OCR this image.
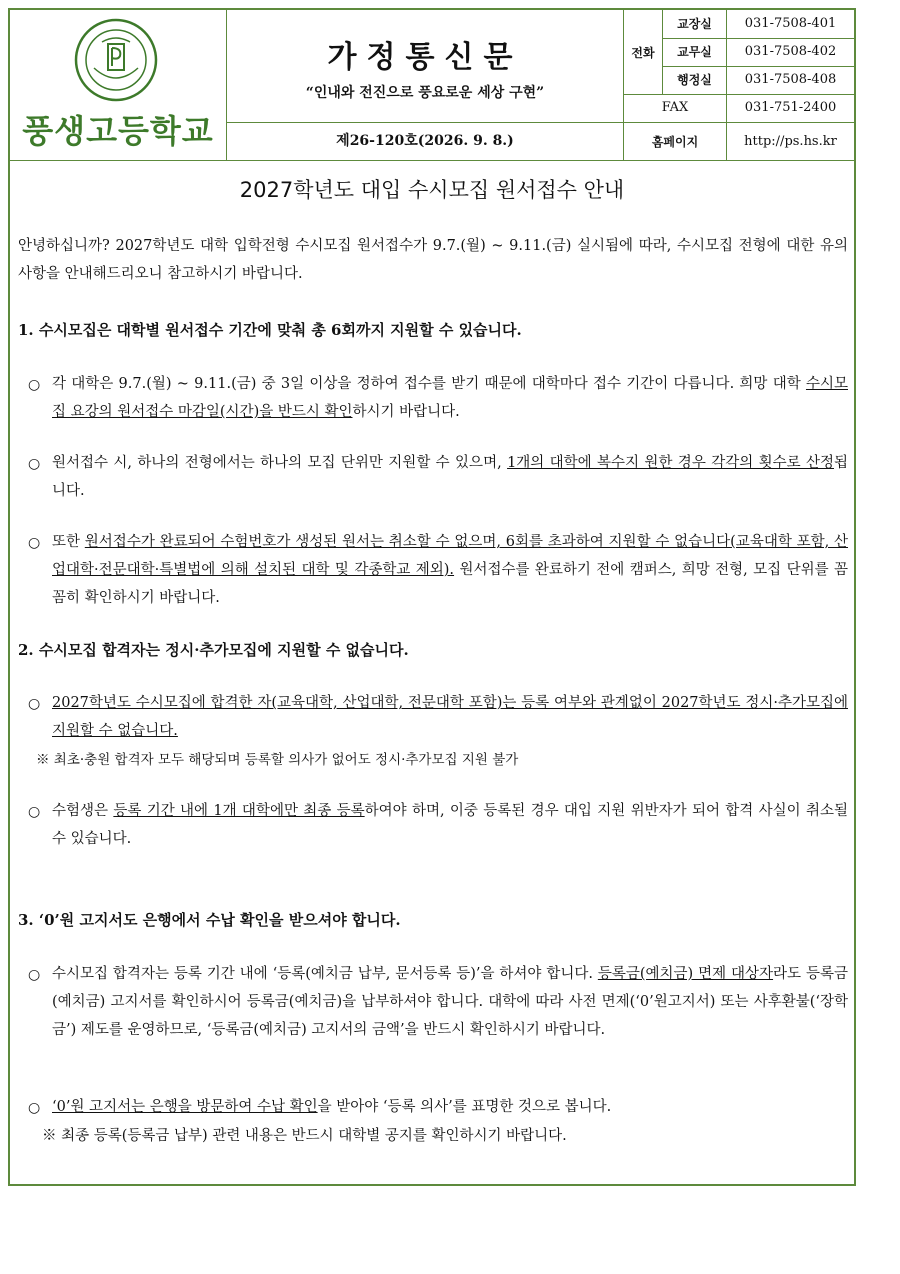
풍생고등학교
가정통신문
“인내와 전진으로 풍요로운 세상 구현”
제26-120호(2026. 9. 8.)
전화
교장실	031-7508-401
교무실	031-7508-402
행정실	031-7508-408
FAX	031-751-2400
홈페이지	http://ps.hs.kr
2027학년도 대입 수시모집 원서접수 안내
안녕하십니까? 2027학년도 대학 입학전형 수시모집 원서접수가 9.7.(월) ~ 9.11.(금) 실시됨에 따라, 수시모집 전형에 대한 유의 사항을 안내해드리오니 참고하시기 바랍니다.
1. 수시모집은 대학별 원서접수 기간에 맞춰 총 6회까지 지원할 수 있습니다.
○ 각 대학은 9.7.(월) ~ 9.11.(금) 중 3일 이상을 정하여 접수를 받기 때문에 대학마다 접수 기간이 다릅니다. 희망 대학 수시모집 요강의 원서접수 마감일(시간)을 반드시 확인하시기 바랍니다.
○ 원서접수 시, 하나의 전형에서는 하나의 모집 단위만 지원할 수 있으며, 1개의 대학에 복수지 원한 경우 각각의 횟수로 산정됩니다.
○ 또한 원서접수가 완료되어 수험번호가 생성된 원서는 취소할 수 없으며, 6회를 초과하여 지원할 수 없습니다(교육대학 포함, 산업대학·전문대학·특별법에 의해 설치된 대학 및 각종학교 제외). 원서접수를 완료하기 전에 캠퍼스, 희망 전형, 모집 단위를 꼼꼼히 확인하시기 바랍니다.
2. 수시모집 합격자는 정시·추가모집에 지원할 수 없습니다.
○ 2027학년도 수시모집에 합격한 자(교육대학, 산업대학, 전문대학 포함)는 등록 여부와 관계없이 2027학년도 정시·추가모집에 지원할 수 없습니다.
※ 최초·충원 합격자 모두 해당되며 등록할 의사가 없어도 정시·추가모집 지원 불가
○ 수험생은 등록 기간 내에 1개 대학에만 최종 등록하여야 하며, 이중 등록된 경우 대입 지원 위반자가 되어 합격 사실이 취소될 수 있습니다.
3. ‘0’원 고지서도 은행에서 수납 확인을 받으셔야 합니다.
○ 수시모집 합격자는 등록 기간 내에 ‘등록(예치금 납부, 문서등록 등)’을 하셔야 합니다. 등록금(예치금) 면제 대상자라도 등록금(예치금) 고지서를 확인하시어 등록금(예치금)을 납부하셔야 합니다. 대학에 따라 사전 면제(‘0’원고지서) 또는 사후환불(‘장학금’) 제도를 운영하므로, ‘등록금(예치금) 고지서의 금액’을 반드시 확인하시기 바랍니다.
○ ‘0’원 고지서는 은행을 방문하여 수납 확인을 받아야 ‘등록 의사’를 표명한 것으로 봅니다.
※ 최종 등록(등록금 납부) 관련 내용은 반드시 대학별 공지를 확인하시기 바랍니다.
